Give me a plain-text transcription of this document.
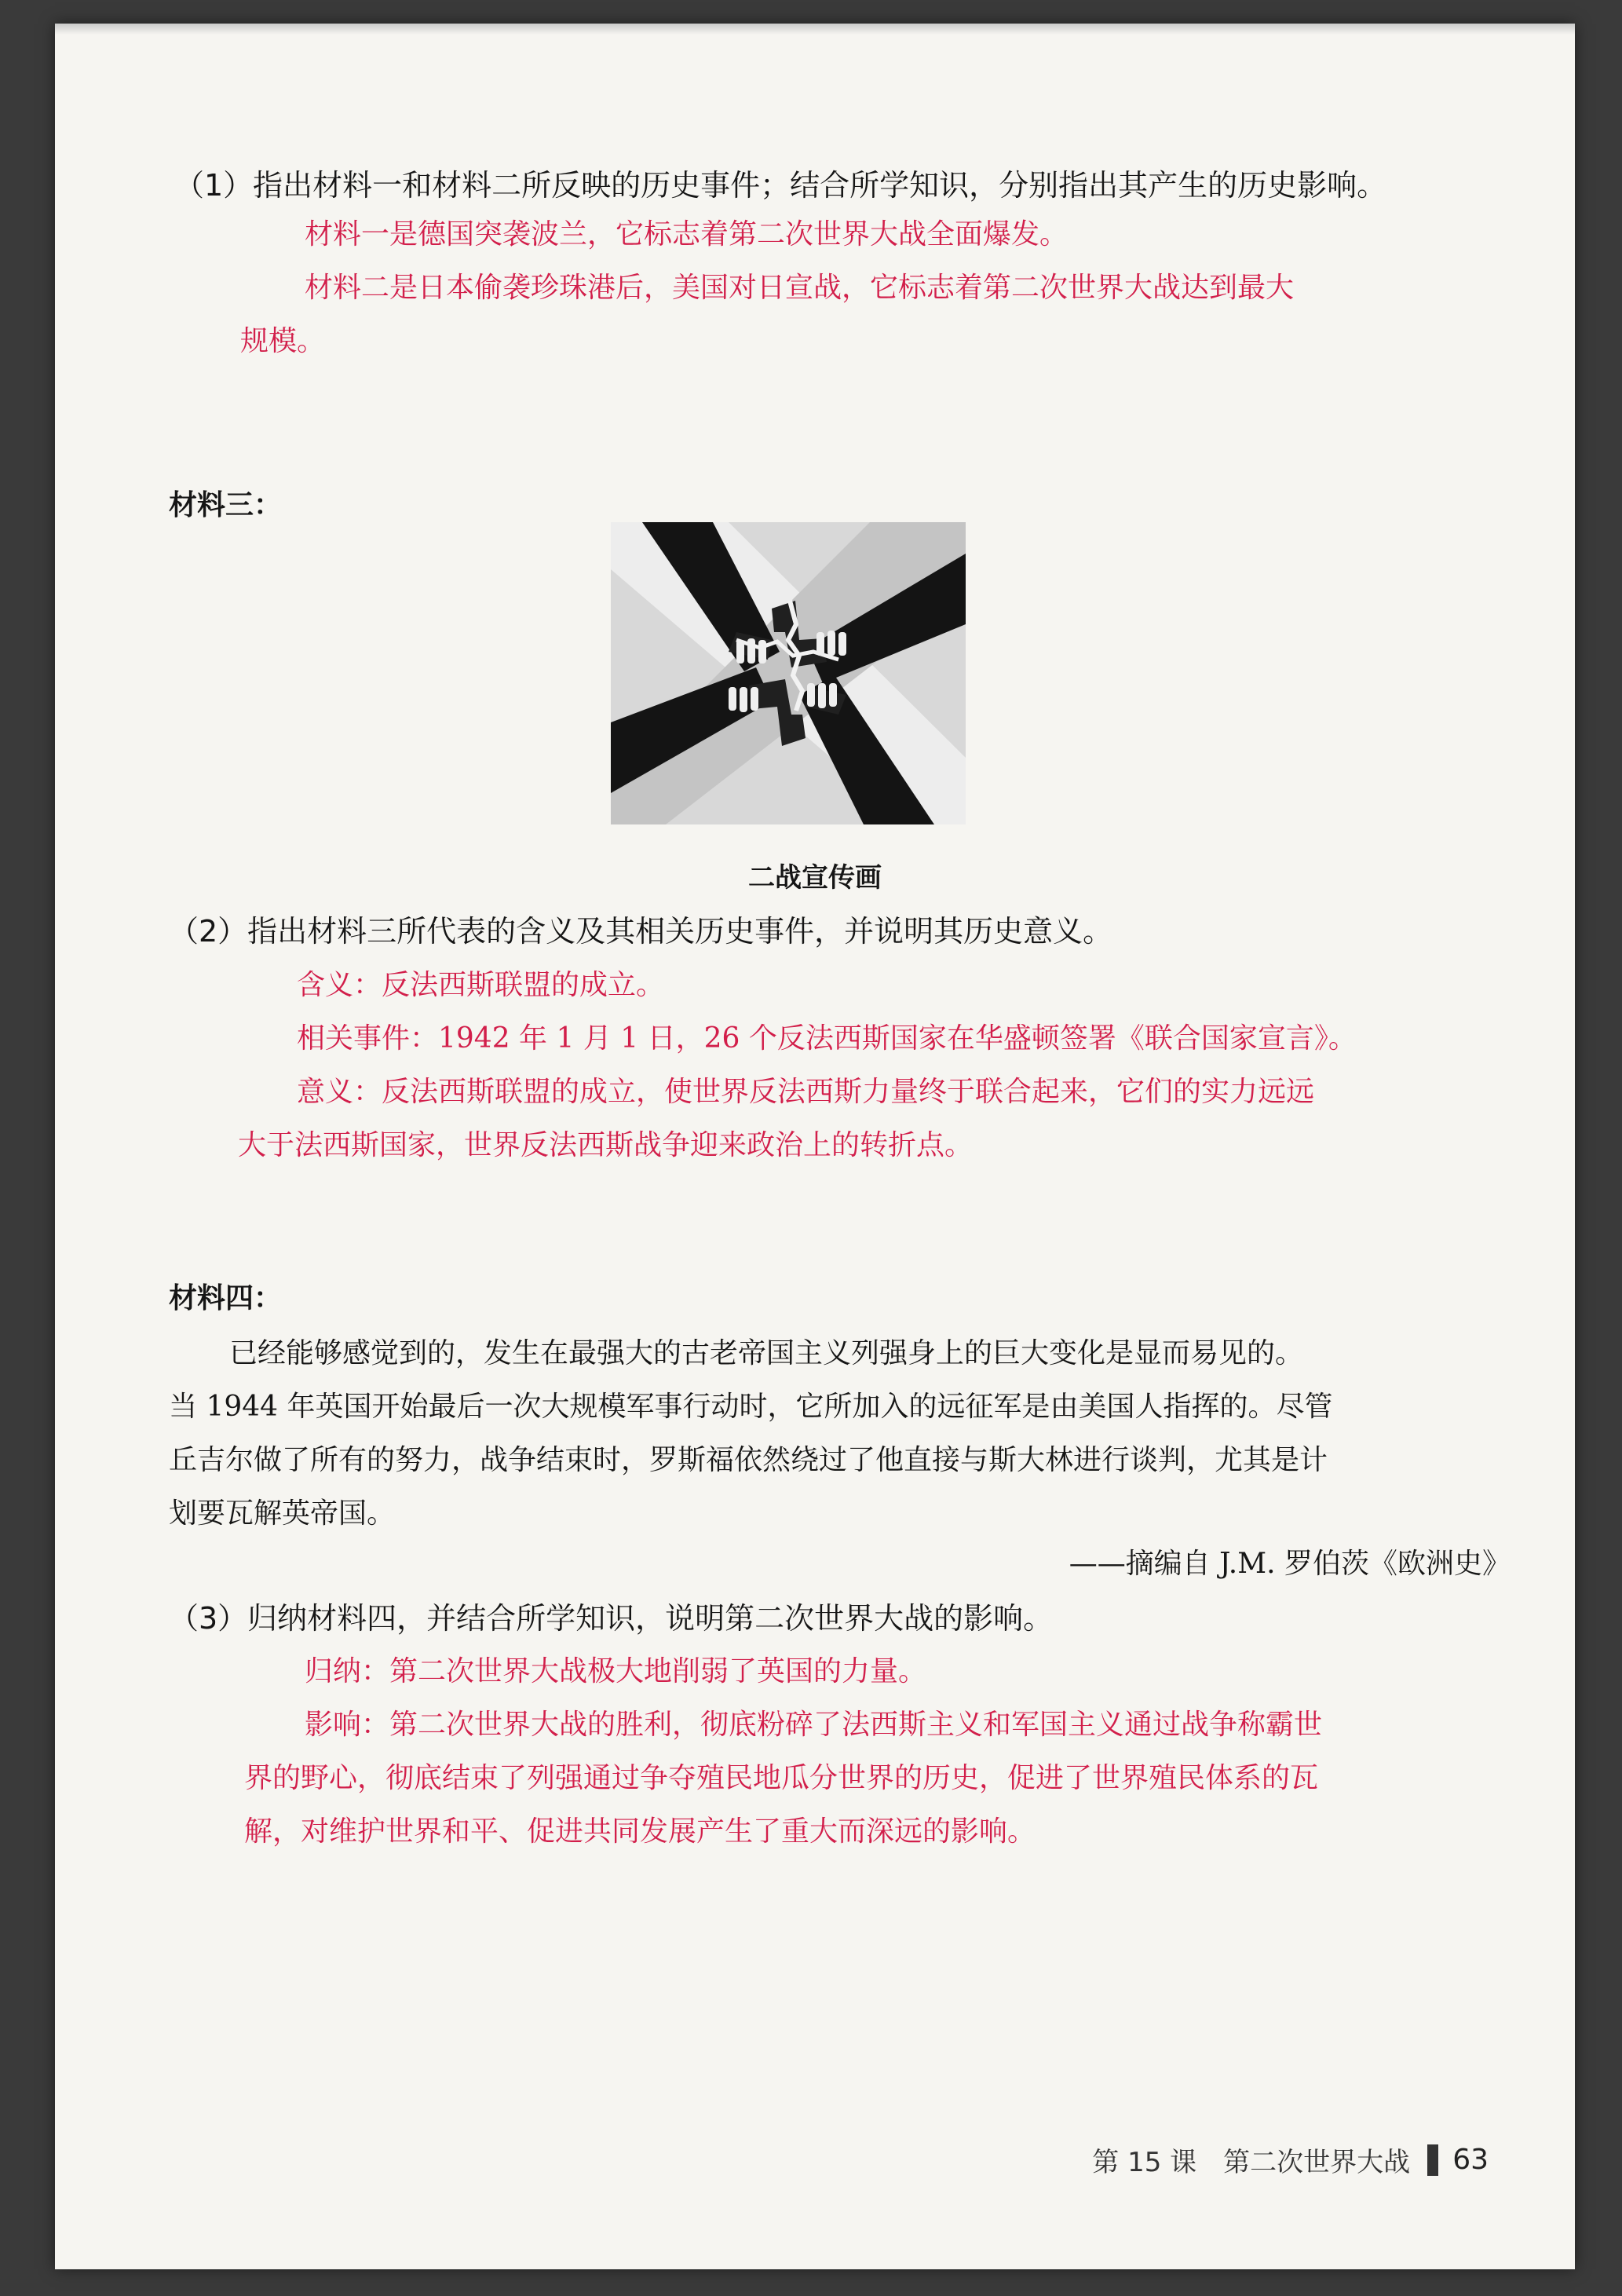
（1）指出材料一和材料二所反映的历史事件；结合所学知识，分别指出其产生的历史影响。
材料一是德国突袭波兰，它标志着第二次世界大战全面爆发。
材料二是日本偷袭珍珠港后，美国对日宣战，它标志着第二次世界大战达到最大
规模。
材料三：
二战宣传画
（2）指出材料三所代表的含义及其相关历史事件，并说明其历史意义。
含义：反法西斯联盟的成立。
相关事件：1942 年 1 月 1 日，26 个反法西斯国家在华盛顿签署《联合国家宣言》。
意义：反法西斯联盟的成立，使世界反法西斯力量终于联合起来，它们的实力远远
大于法西斯国家，世界反法西斯战争迎来政治上的转折点。
材料四：
已经能够感觉到的，发生在最强大的古老帝国主义列强身上的巨大变化是显而易见的。
当 1944 年英国开始最后一次大规模军事行动时，它所加入的远征军是由美国人指挥的。尽管
丘吉尔做了所有的努力，战争结束时，罗斯福依然绕过了他直接与斯大林进行谈判，尤其是计
划要瓦解英帝国。
——摘编自 J.M. 罗伯茨《欧洲史》
（3）归纳材料四，并结合所学知识，说明第二次世界大战的影响。
归纳：第二次世界大战极大地削弱了英国的力量。
影响：第二次世界大战的胜利，彻底粉碎了法西斯主义和军国主义通过战争称霸世
界的野心，彻底结束了列强通过争夺殖民地瓜分世界的历史，促进了世界殖民体系的瓦
解，对维护世界和平、促进共同发展产生了重大而深远的影响。
第 15 课　第二次世界大战 63
